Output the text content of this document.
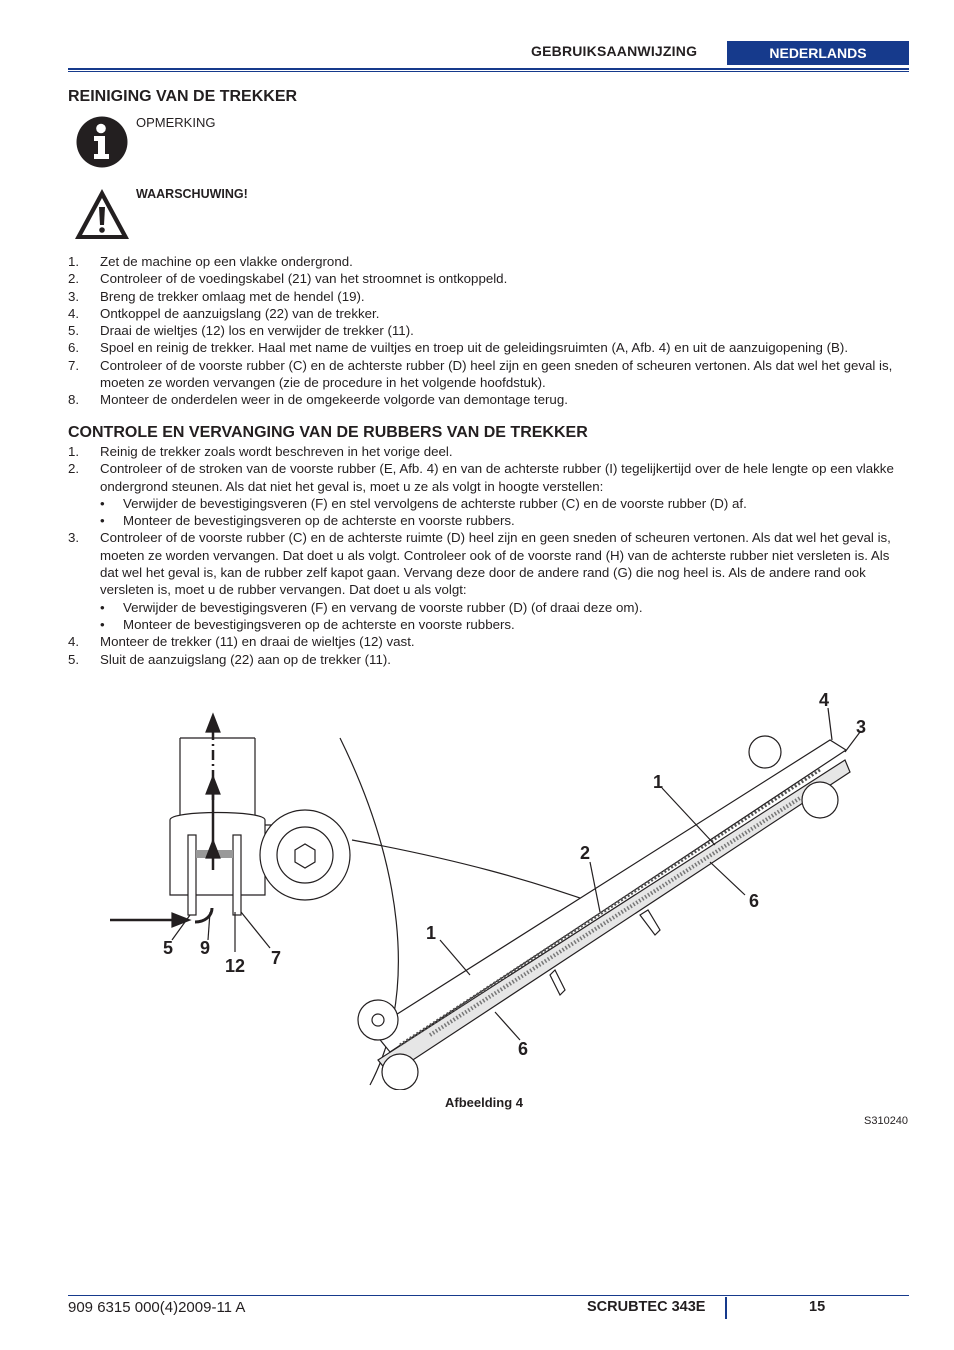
GEBRUIKSAANWIJZING	NEDERLANDS
REINIGING VAN DE TREKKER
OPMERKING
WAARSCHUWING!
1. Zet de machine op een vlakke ondergrond.
2. Controleer of de voedingskabel (21) van het stroomnet is ontkoppeld.
3. Breng de trekker omlaag met de hendel (19).
4. Ontkoppel de aanzuigslang (22) van de trekker.
5. Draai de wieltjes (12) los en verwijder de trekker (11).
6. Spoel en reinig de trekker. Haal met name de vuiltjes en troep uit de geleidingsruimten (A, Afb. 4) en uit de aanzuigopening (B).
7. Controleer of de voorste rubber (C) en de achterste rubber (D) heel zijn en geen sneden of scheuren vertonen. Als dat wel het geval is, moeten ze worden vervangen (zie de procedure in het volgende hoofdstuk).
8. Monteer de onderdelen weer in de omgekeerde volgorde van demontage terug.
CONTROLE EN VERVANGING VAN DE RUBBERS VAN DE TREKKER
1. Reinig de trekker zoals wordt beschreven in het vorige deel.
2. Controleer of de stroken van de voorste rubber (E, Afb. 4) en van de achterste rubber (I) tegelijkertijd over de hele lengte op een vlakke ondergrond steunen. Als dat niet het geval is, moet u ze als volgt in hoogte verstellen:
• Verwijder de bevestigingsveren (F) en stel vervolgens de achterste rubber (C) en de voorste rubber (D) af.
• Monteer de bevestigingsveren op de achterste en voorste rubbers.
3. Controleer of de voorste rubber (C) en de achterste ruimte (D) heel zijn en geen sneden of scheuren vertonen. Als dat wel het geval is, moeten ze worden vervangen. Dat doet u als volgt. Controleer ook of de voorste rand (H) van de achterste rubber niet versleten is. Als dat wel het geval is, kan de rubber zelf kapot gaan. Vervang deze door de andere rand (G) die nog heel is. Als de andere rand ook versleten is, moet u de rubber vervangen. Dat doet u als volgt:
• Verwijder de bevestigingsveren (F) en vervang de voorste rubber (D) (of draai deze om).
• Monteer de bevestigingsveren op de achterste en voorste rubbers.
4. Monteer de trekker (11) en draai de wieltjes (12) vast.
5. Sluit de aanzuigslang (22) aan op de trekker (11).
4
3
1
2
6
1
6
5 9
12 7
Afbeelding 4
S310240
909 6315 000(4)2009-11 A	SCRUBTEC 343E	15
